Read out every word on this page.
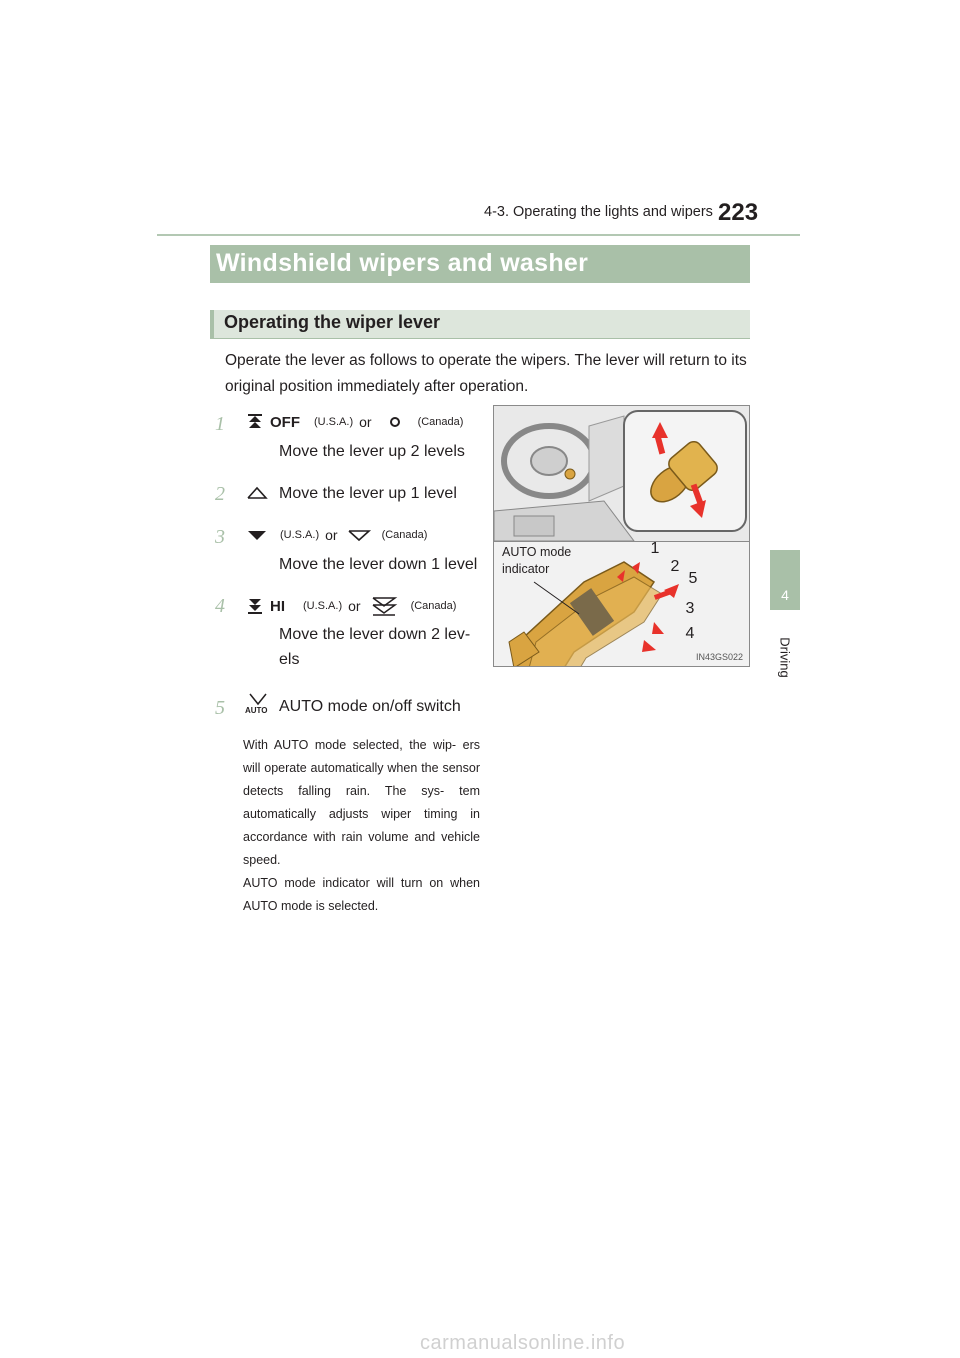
4-3. Operating the lights and wipers 223
4
Driving
Windshield wipers and washer
Operating the wiper lever

Operate the lever as follows to operate the wipers. The lever will return to its original position immediately after operation.

1	OFF (U.S.A.) or	(Canada)
Move the lever up 2 levels
2	Move the lever up 1 level
3	(U.S.A.) or	(Canada)
Move the lever down 1 level
4	HI (U.S.A.) or	(Canada)
Move the lever down 2 lev-
els
5	AUTO AUTO mode on/off switch

With AUTO mode selected, the wip- ers will operate automatically when the sensor detects falling rain. The sys- tem automatically adjusts wiper timing in accordance with rain volume and vehicle speed.

AUTO mode indicator will turn on when AUTO mode is selected.

AUTO mode
indicator
1
2
5
3
4
IN43GS022
carmanualsonline.info
